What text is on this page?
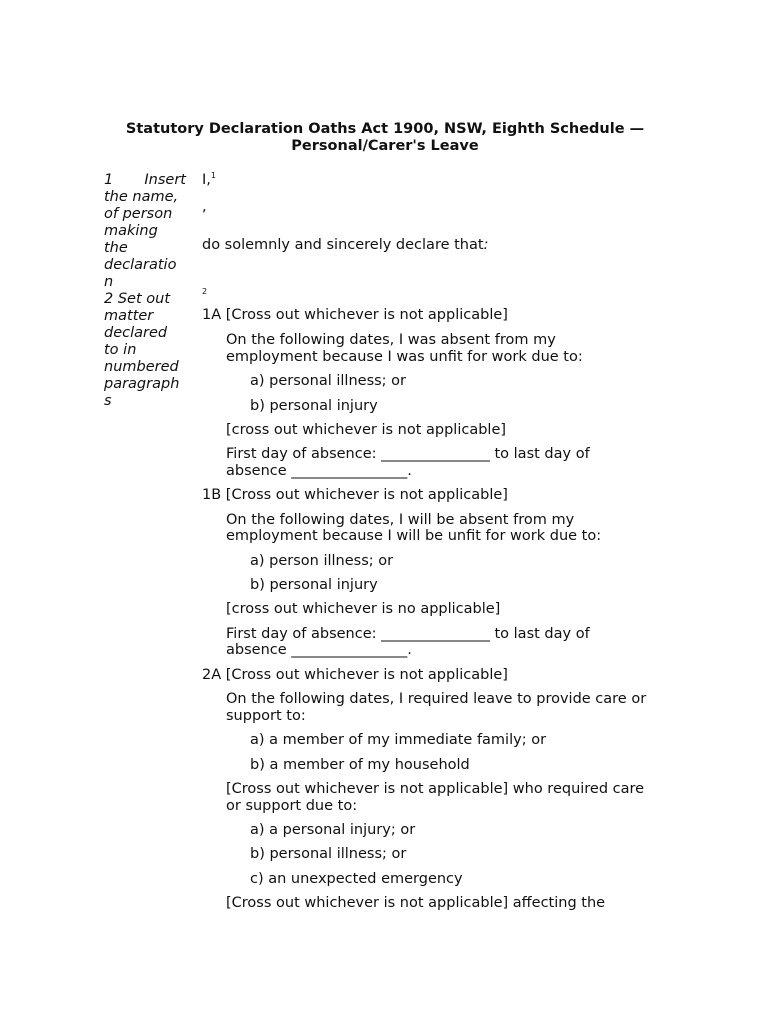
Statutory Declaration Oaths Act 1900, NSW, Eighth Schedule —
Personal/Carer's Leave
1 Insert
the name,
of person
making
the
declaratio
n
2 Set out
matter
declared
to in
numbered
paragraph
s
I,$^1$
,
do solemnly and sincerely declare that:
$^2$
1A [Cross out whichever is not applicable]
On the following dates, I was absent from my
employment because I was unfit for work due to:
a) personal illness; or
b) personal injury
[cross out whichever is not applicable]
First day of absence: _______________ to last day of
absence ________________.
1B [Cross out whichever is not applicable]
On the following dates, I will be absent from my
employment because I will be unfit for work due to:
a) person illness; or
b) personal injury
[cross out whichever is no applicable]
First day of absence: _______________ to last day of
absence ________________.
2A [Cross out whichever is not applicable]
On the following dates, I required leave to provide care or
support to:
a) a member of my immediate family; or
b) a member of my household
[Cross out whichever is not applicable] who required care
or support due to:
a) a personal injury; or
b) personal illness; or
c) an unexpected emergency
[Cross out whichever is not applicable] affecting the
